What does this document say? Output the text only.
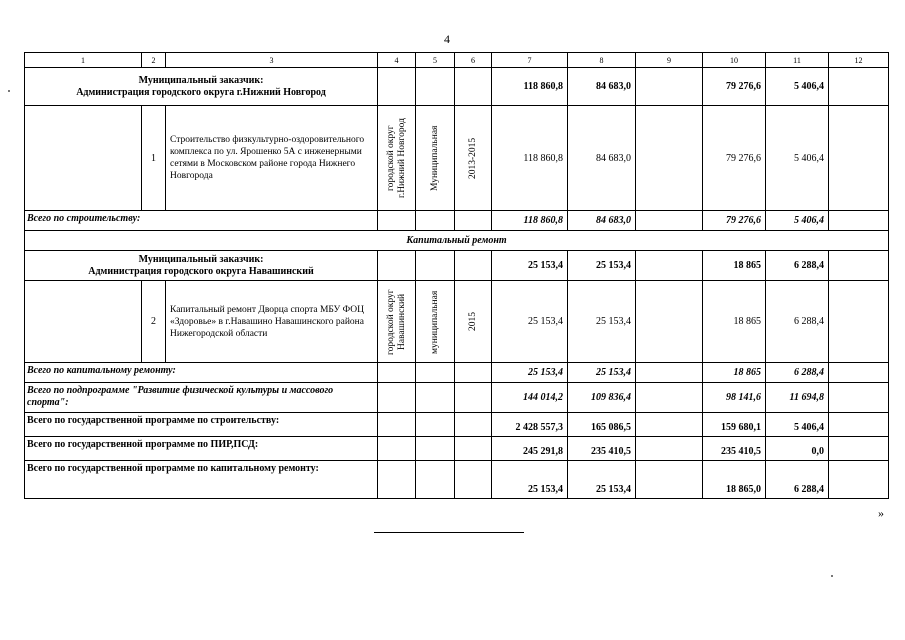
4
1	2	3	4	5	6	7	8	9	10	11	12
Муниципальный заказчик:
Администрация городского округа г.Нижний Новгород						118 860,8	84 683,0		79 276,6	5 406,4	
	1	Строительство физкультурно-оздоровительного комплекса по ул. Ярошенко 5А с инженерными сетями в Московском районе города Нижнего Новгорода	городской округ г.Нижний Новгород	Муниципальная	2013-2015	118 860,8	84 683,0		79 276,6	5 406,4	
Всего по строительству:						118 860,8	84 683,0		79 276,6	5 406,4	
Капитальный ремонт											
Муниципальный заказчик:
Администрация городского округа Навашинский						25 153,4	25 153,4		18 865	6 288,4	
	2	Капитальный ремонт Дворца спорта МБУ ФОЦ «Здоровье» в г.Навашино Навашинского района Нижегородской области	городской округ Навашинский	муниципальная	2015	25 153,4	25 153,4		18 865	6 288,4	
Всего по капитальному ремонту:						25 153,4	25 153,4		18 865	6 288,4	
Всего по подпрограмме "Развитие физической культуры и массового спорта":						144 014,2	109 836,4		98 141,6	11 694,8	
Всего по государственной программе по строительству:						2 428 557,3	165 086,5		159 680,1	5 406,4	
Всего по государственной программе по ПИР,ПСД:						245 291,8	235 410,5		235 410,5	0,0	
Всего по государственной программе по капитальному ремонту:						25 153,4	25 153,4		18 865,0	6 288,4	
»
